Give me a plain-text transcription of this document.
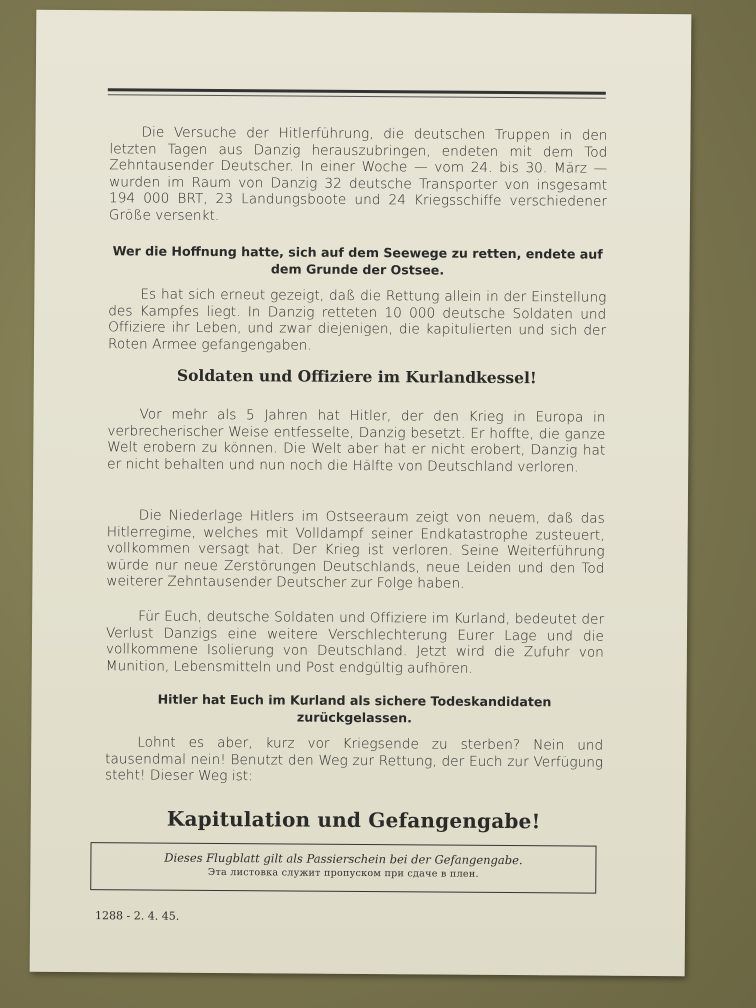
Die Versuche der Hitlerführung, die deutschen Truppen in den letzten Tagen aus Danzig herauszubringen, endeten mit dem Tod Zehntausender Deutscher. In einer Woche — vom 24. bis 30. März — wurden im Raum von Danzig 32 deutsche Transporter von insgesamt 194 000 BRT, 23 Landungsboote und 24 Kriegsschiffe verschiedener Größe versenkt.
Wer die Hoffnung hatte, sich auf dem Seewege zu retten, endete auf dem Grunde der Ostsee.
Es hat sich erneut gezeigt, daß die Rettung allein in der Einstellung des Kampfes liegt. In Danzig retteten 10 000 deutsche Soldaten und Offiziere ihr Leben, und zwar diejenigen, die kapitulierten und sich der Roten Armee gefangengaben.
Soldaten und Offiziere im Kurlandkessel!
Vor mehr als 5 Jahren hat Hitler, der den Krieg in Europa in verbrecherischer Weise entfesselte, Danzig besetzt. Er hoffte, die ganze Welt erobern zu können. Die Welt aber hat er nicht erobert, Danzig hat er nicht behalten und nun noch die Hälfte von Deutschland verloren.
Die Niederlage Hitlers im Ostseeraum zeigt von neuem, daß das Hitlerregime, welches mit Volldampf seiner Endkatastrophe zusteuert, vollkommen versagt hat. Der Krieg ist verloren. Seine Weiterführung würde nur neue Zerstörungen Deutschlands, neue Leiden und den Tod weiterer Zehntausender Deutscher zur Folge haben.
Für Euch, deutsche Soldaten und Offiziere im Kurland, bedeutet der Verlust Danzigs eine weitere Verschlechterung Eurer Lage und die vollkommene Isolierung von Deutschland. Jetzt wird die Zufuhr von Munition, Lebensmitteln und Post endgültig aufhören.
Hitler hat Euch im Kurland als sichere Todeskandidaten zurückgelassen.
Lohnt es aber, kurz vor Kriegsende zu sterben? Nein und tausendmal nein! Benutzt den Weg zur Rettung, der Euch zur Verfügung steht! Dieser Weg ist:
Kapitulation und Gefangengabe!
Dieses Flugblatt gilt als Passierschein bei der Gefangengabe.
Эта листовка служит пропуском при сдаче в плен.
1288 - 2. 4. 45.
